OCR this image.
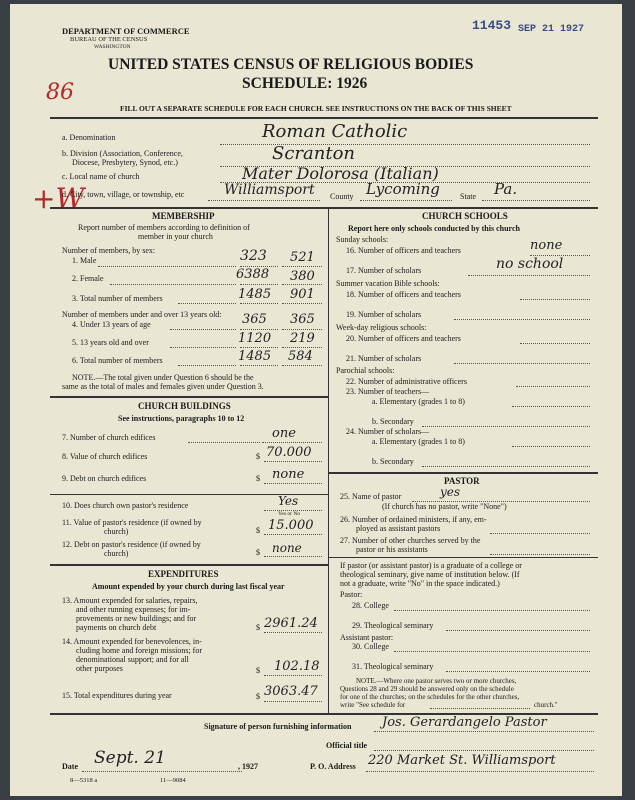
DEPARTMENT OF COMMERCE
BUREAU OF THE CENSUS
WASHINGTON
11453 SEP 21 1927
UNITED STATES CENSUS OF RELIGIOUS BODIES
SCHEDULE: 1926
86
FILL OUT A SEPARATE SCHEDULE FOR EACH CHURCH. SEE INSTRUCTIONS ON THE BACK OF THIS SHEET
a. Denomination	Roman Catholic
b. Division (Association, Conference,
Diocese, Presbytery, Synod, etc.)	Scranton
c. Local name of church	Mater Dolorosa (Italian)
+W
d. City, town, village, or township, etc	Williamsport County Lycoming	State Pa.
MEMBERSHIP
Report number of members according to definition of
member in your church
Number of members, by sex:
1. Male	323 521
2. Female	6388 380
3. Total number of members	1485 901
Number of members under and over 13 years old:
4. Under 13 years of age	365 365
5. 13 years old and over	1120 219
6. Total number of members	1485 584
NOTE.—The total given under Question 6 should be the
same as the total of males and females given under Question 3.
CHURCH BUILDINGS
See instructions, paragraphs 10 to 12
7. Number of church edifices	one
8. Value of church edifices	$ 70.000
9. Debt on church edifices	$ none
10. Does church own pastor's residence	Yes
Yes or No
11. Value of pastor's residence (if owned by
church)	$ 15.000
12. Debt on pastor's residence (if owned by
church)	$ none
EXPENDITURES
Amount expended by your church during last fiscal year
13. Amount expended for salaries, repairs,
and other running expenses; for im-
provements or new buildings; and for
payments on church debt	$ 2961.24
14. Amount expended for benevolences, in-
cluding home and foreign missions; for
denominational support; and for all
other purposes	$ 102.18
15. Total expenditures during year	$ 3063.47
CHURCH SCHOOLS
Report here only schools conducted by this church
Sunday schools:
16. Number of officers and teachers	none
17. Number of scholars	no school
Summer vacation Bible schools:
18. Number of officers and teachers
19. Number of scholars
Week-day religious schools:
20. Number of officers and teachers
21. Number of scholars
Parochial schools:
22. Number of administrative officers
23. Number of teachers—
a. Elementary (grades 1 to 8)
b. Secondary
24. Number of scholars—
a. Elementary (grades 1 to 8)
b. Secondary
PASTOR
25. Name of pastor	yes
(If church has no pastor, write "None")
26. Number of ordained ministers, if any, em-
ployed as assistant pastors
27. Number of other churches served by the
pastor or his assistants
If pastor (or assistant pastor) is a graduate of a college or
theological seminary, give name of institution below. (If
not a graduate, write "No" in the space indicated.)
Pastor:
28. College
29. Theological seminary
Assistant pastor:
30. College
31. Theological seminary
NOTE.—Where one pastor serves two or more churches,
Questions 28 and 29 should be answered only on the schedule
for one of the churches; on the schedules for the other churches,
write "See schedule for	church."
Signature of person furnishing information Jos. Gerardangelo Pastor
Official title
Date Sept. 21	, 1927	P. O. Address 220 Market St. Williamsport
8—5318 a	11—9084
